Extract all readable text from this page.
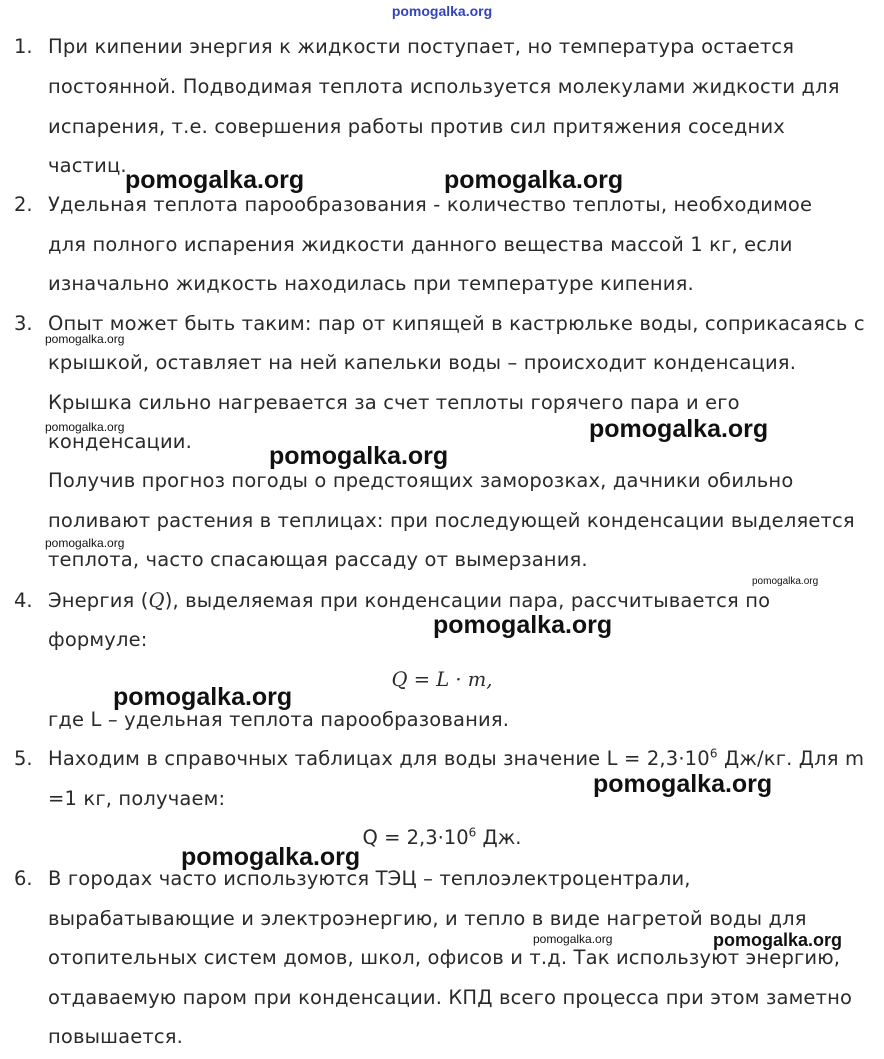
pomogalka.org
1. При кипении энергия к жидкости поступает, но температура остается
постоянной. Подводимая теплота используется молекулами жидкости для
испарения, т.е. совершения работы против сил притяжения соседних
частиц.
2. Удельная теплота парообразования - количество теплоты, необходимое
для полного испарения жидкости данного вещества массой 1 кг, если
изначально жидкость находилась при температуре кипения.
3. Опыт может быть таким: пар от кипящей в кастрюльке воды, соприкасаясь с
крышкой, оставляет на ней капельки воды – происходит конденсация.
Крышка сильно нагревается за счет теплоты горячего пара и его
конденсации.
Получив прогноз погоды о предстоящих заморозках, дачники обильно
поливают растения в теплицах: при последующей конденсации выделяется
теплота, часто спасающая рассаду от вымерзания.
4. Энергия (Q), выделяемая при конденсации пара, рассчитывается по
формуле:
Q = L · m,
где L – удельная теплота парообразования.
5. Находим в справочных таблицах для воды значение $L = 2,3\cdot 10^6$ Дж/кг. Для m
=1 кг, получаем:
$Q = 2,3\cdot 10^6$ Дж.
6. В городах часто используются ТЭЦ – теплоэлектроцентрали,
вырабатывающие и электроэнергию, и тепло в виде нагретой воды для
отопительных систем домов, школ, офисов и т.д. Так используют энергию,
отдаваемую паром при конденсации. КПД всего процесса при этом заметно
повышается.
pomogalka.org	pomogalka.org
pomogalka.org
pomogalka.org
pomogalka.org
pomogalka.org
pomogalka.org
pomogalka.org
pomogalka.org
pomogalka.org
pomogalka.org
pomogalka.org
pomogalka.org
pomogalka.org
